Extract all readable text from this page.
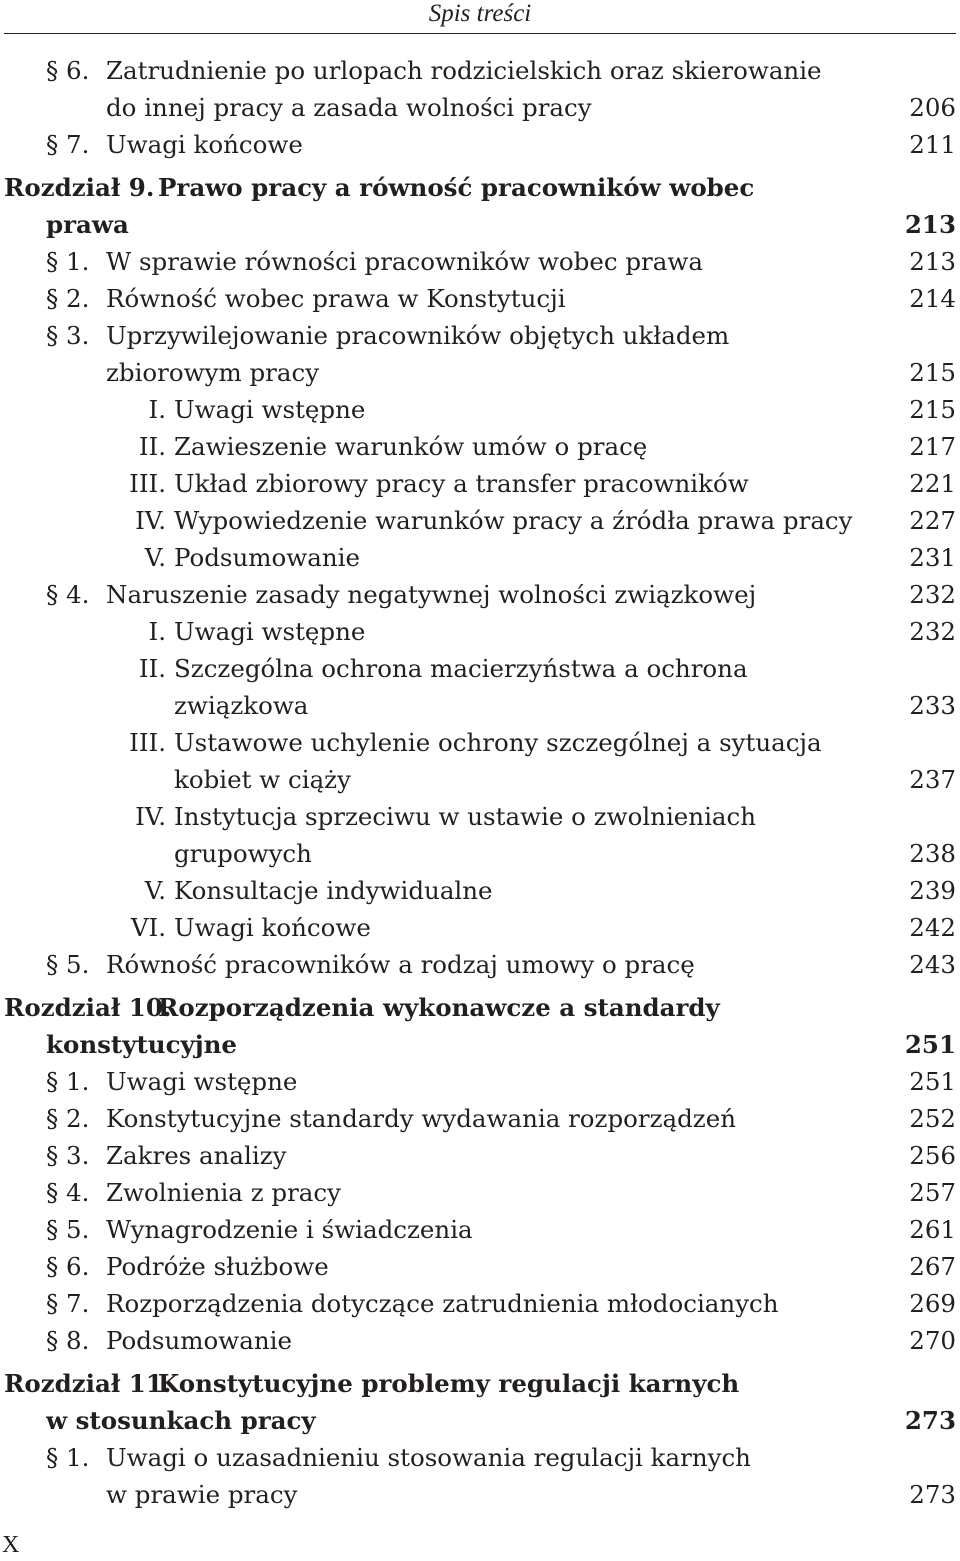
Spis treści
§ 6. Zatrudnienie po urlopach rodzicielskich oraz skierowanie
do innej pracy a zasada wolności pracy	206
§ 7. Uwagi końcowe	211
Rozdział 9. Prawo pracy a równość pracowników wobec
prawa	213
§ 1. W sprawie równości pracowników wobec prawa	213
§ 2. Równość wobec prawa w Konstytucji	214
§ 3. Uprzywilejowanie pracowników objętych układem
zbiorowym pracy	215
I. Uwagi wstępne	215
II. Zawieszenie warunków umów o pracę	217
III. Układ zbiorowy pracy a transfer pracowników	221
IV. Wypowiedzenie warunków pracy a źródła prawa pracy	227
V. Podsumowanie	231
§ 4. Naruszenie zasady negatywnej wolności związkowej	232
I. Uwagi wstępne	232
II. Szczególna ochrona macierzyństwa a ochrona
związkowa	233
III. Ustawowe uchylenie ochrony szczególnej a sytuacja
kobiet w ciąży	237
IV. Instytucja sprzeciwu w ustawie o zwolnieniach
grupowych	238
V. Konsultacje indywidualne	239
VI. Uwagi końcowe	242
§ 5. Równość pracowników a rodzaj umowy o pracę	243
Rozdział 10.
Rozporządzenia wykonawcze a standardy
konstytucyjne	251
§ 1. Uwagi wstępne	251
§ 2. Konstytucyjne standardy wydawania rozporządzeń	252
§ 3. Zakres analizy	256
§ 4. Zwolnienia z pracy	257
§ 5. Wynagrodzenie i świadczenia	261
§ 6. Podróże służbowe	267
§ 7. Rozporządzenia dotyczące zatrudnienia młodocianych	269
§ 8. Podsumowanie	270
Rozdział 11.
Konstytucyjne problemy regulacji karnych
w stosunkach pracy	273
§ 1. Uwagi o uzasadnieniu stosowania regulacji karnych
w prawie pracy	273
X
